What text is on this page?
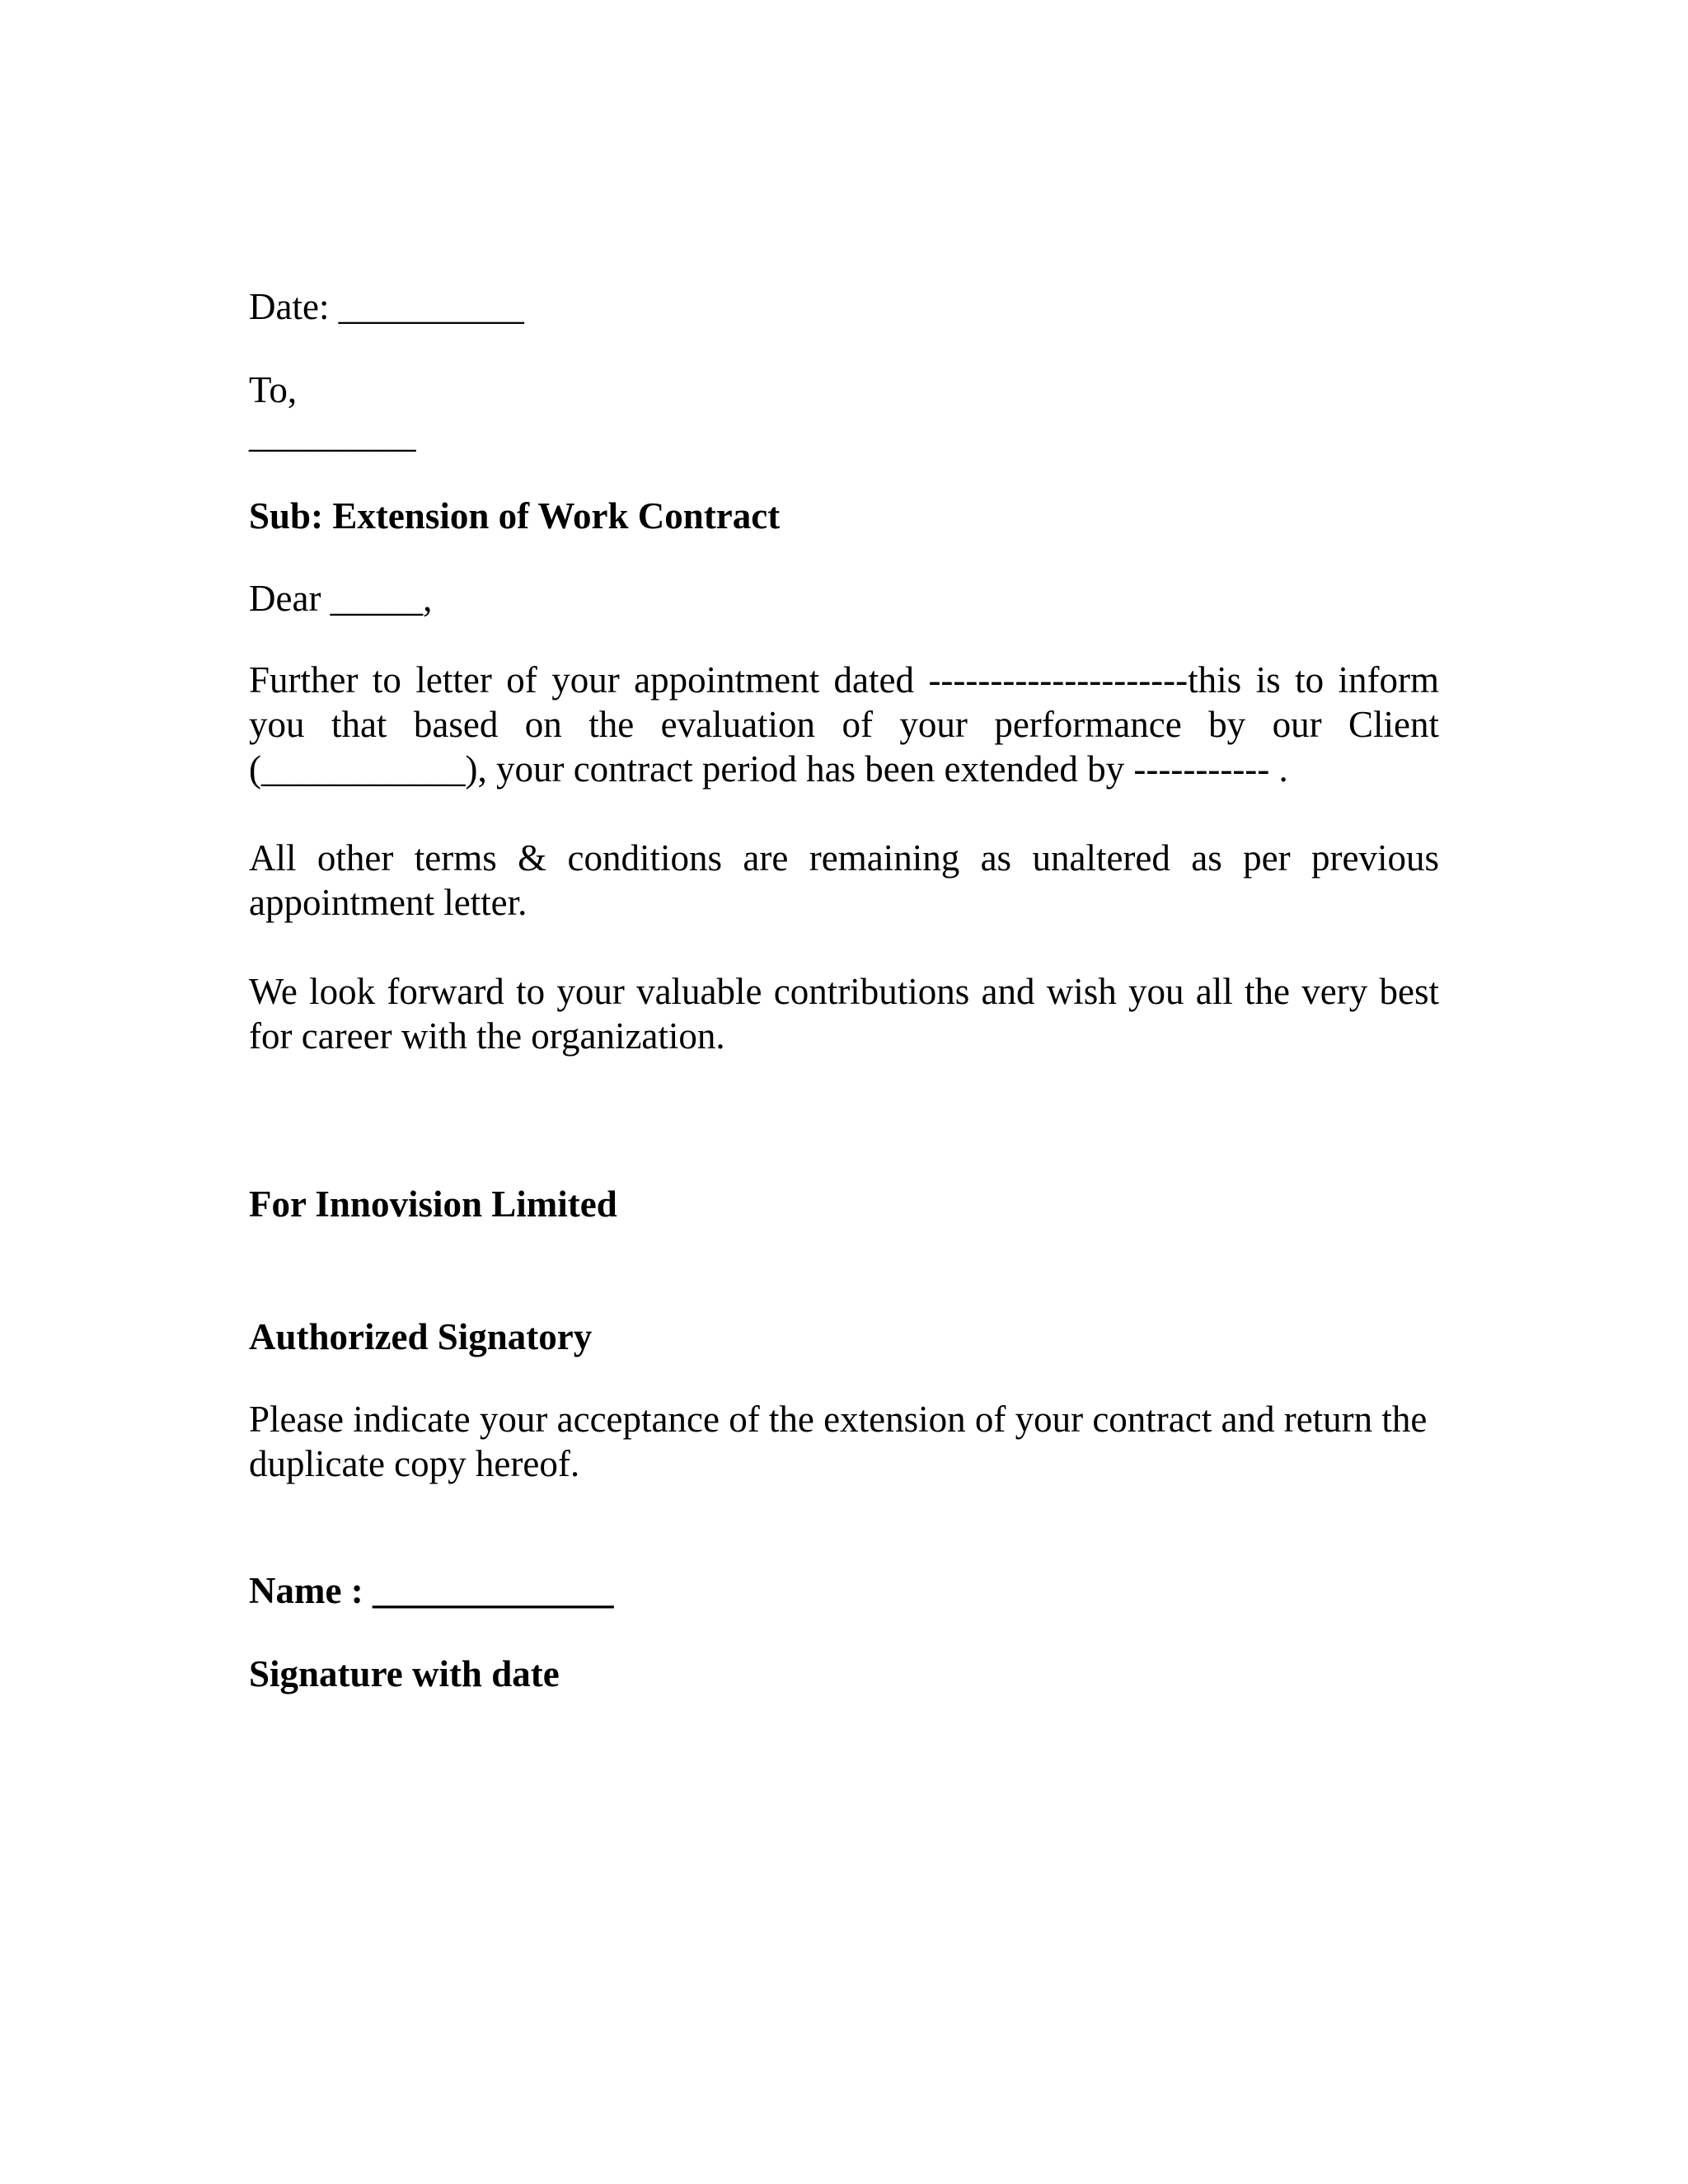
Date: __________

To,

_________

Sub: Extension of Work Contract

Dear _____,

Further to letter of your appointment dated ---------------------this is to inform you that based on the evaluation of your performance by our Client (___________), your contract period has been extended by ----------- .

All other terms & conditions are remaining as unaltered as per previous appointment letter.

We look forward to your valuable contributions and wish you all the very best for career with the organization.

For Innovision Limited

Authorized Signatory

Please indicate your acceptance of the extension of your contract and return the duplicate copy hereof.

Name : _____________

Signature with date
